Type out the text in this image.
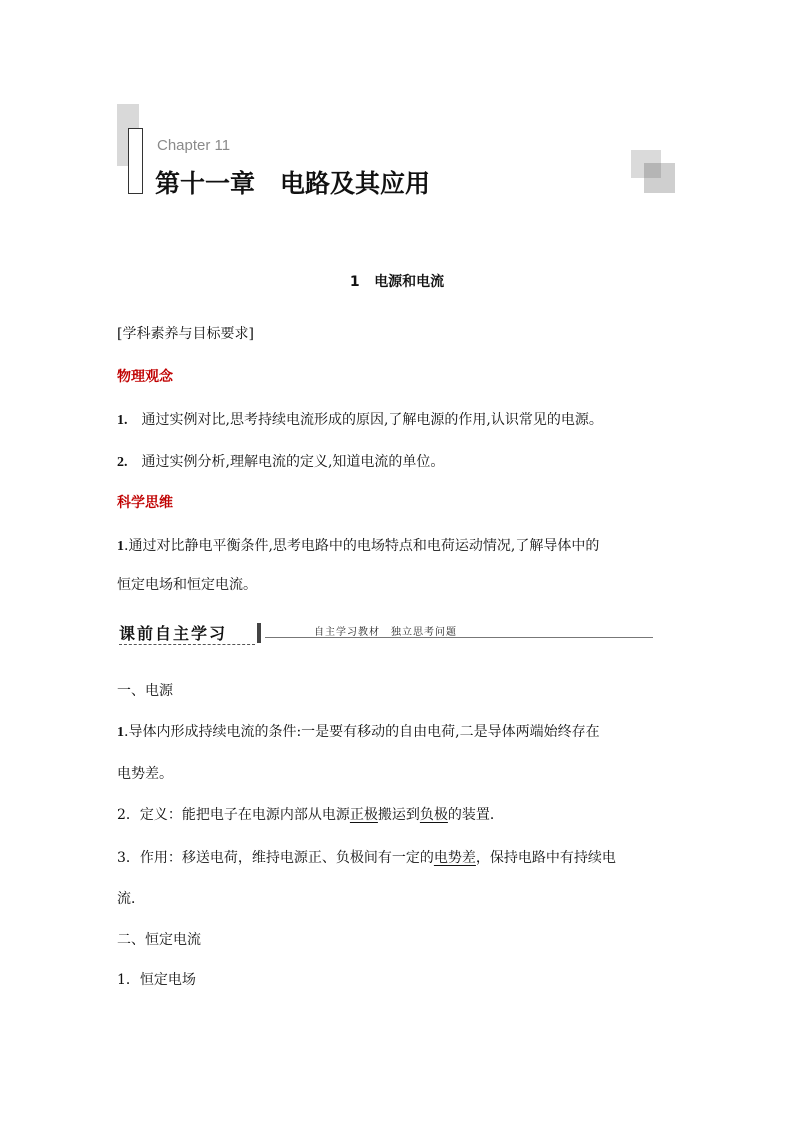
Chapter 11
第十一章　电路及其应用
1 电源和电流
[学科素养与目标要求]
物理观念
1. 通过实例对比,思考持续电流形成的原因,了解电源的作用,认识常见的电源。
2. 通过实例分析,理解电流的定义,知道电流的单位。
科学思维
1.通过对比静电平衡条件,思考电路中的电场特点和电荷运动情况,了解导体中的
恒定电场和恒定电流。
课前自主学习	自主学习教材　独立思考问题
一、电源
1.导体内形成持续电流的条件:一是要有移动的自由电荷,二是导体两端始终存在
电势差。
2．定义：能把电子在电源内部从电源正极搬运到负极的装置．
3．作用：移送电荷，维持电源正、负极间有一定的电势差，保持电路中有持续电
流．
二、恒定电流
1．恒定电场
